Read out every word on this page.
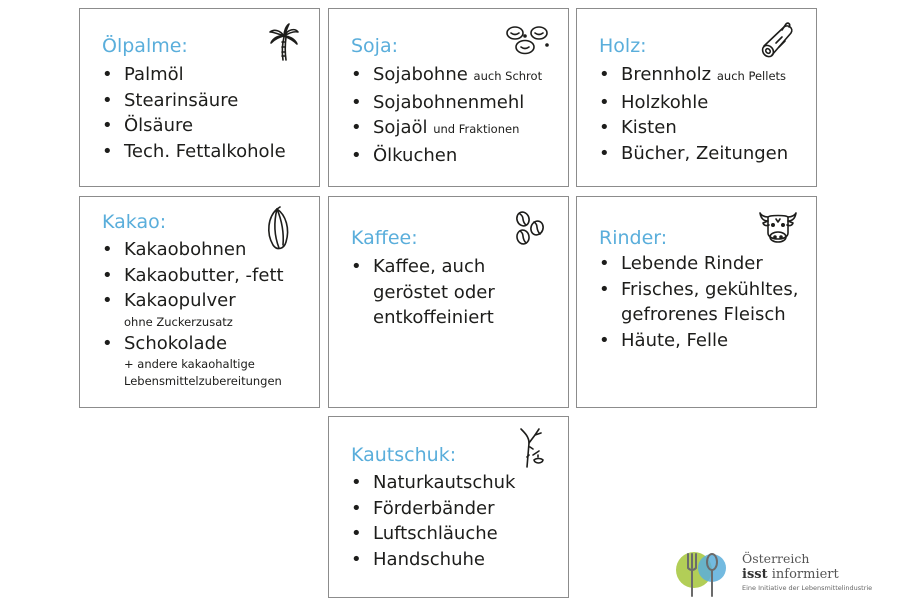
Ölpalme:
• Palmöl
• Stearinsäure
• Ölsäure
• Tech. Fettalkohole
Soja:
• Sojabohne auch Schrot
• Sojabohnenmehl
• Sojaöl und Fraktionen
• Ölkuchen
Holz:
• Brennholz auch Pellets
• Holzkohle
• Kisten
• Bücher, Zeitungen
Kakao:
• Kakaobohnen
• Kakaobutter, -fett
• Kakaopulver
ohne Zuckerzusatz
• Schokolade
+ andere kakaohaltige
Lebensmittelzubereitungen
Kaffee:
• Kaffee, auch
geröstet oder
entkoffeiniert
Rinder:
• Lebende Rinder
• Frisches, gekühltes,
gefrorenes Fleisch
• Häute, Felle
Kautschuk:
• Naturkautschuk
• Förderbänder
• Luftschläuche
• Handschuhe	Österreich
isst informiert
Eine Initiative der Lebensmittelindustrie
